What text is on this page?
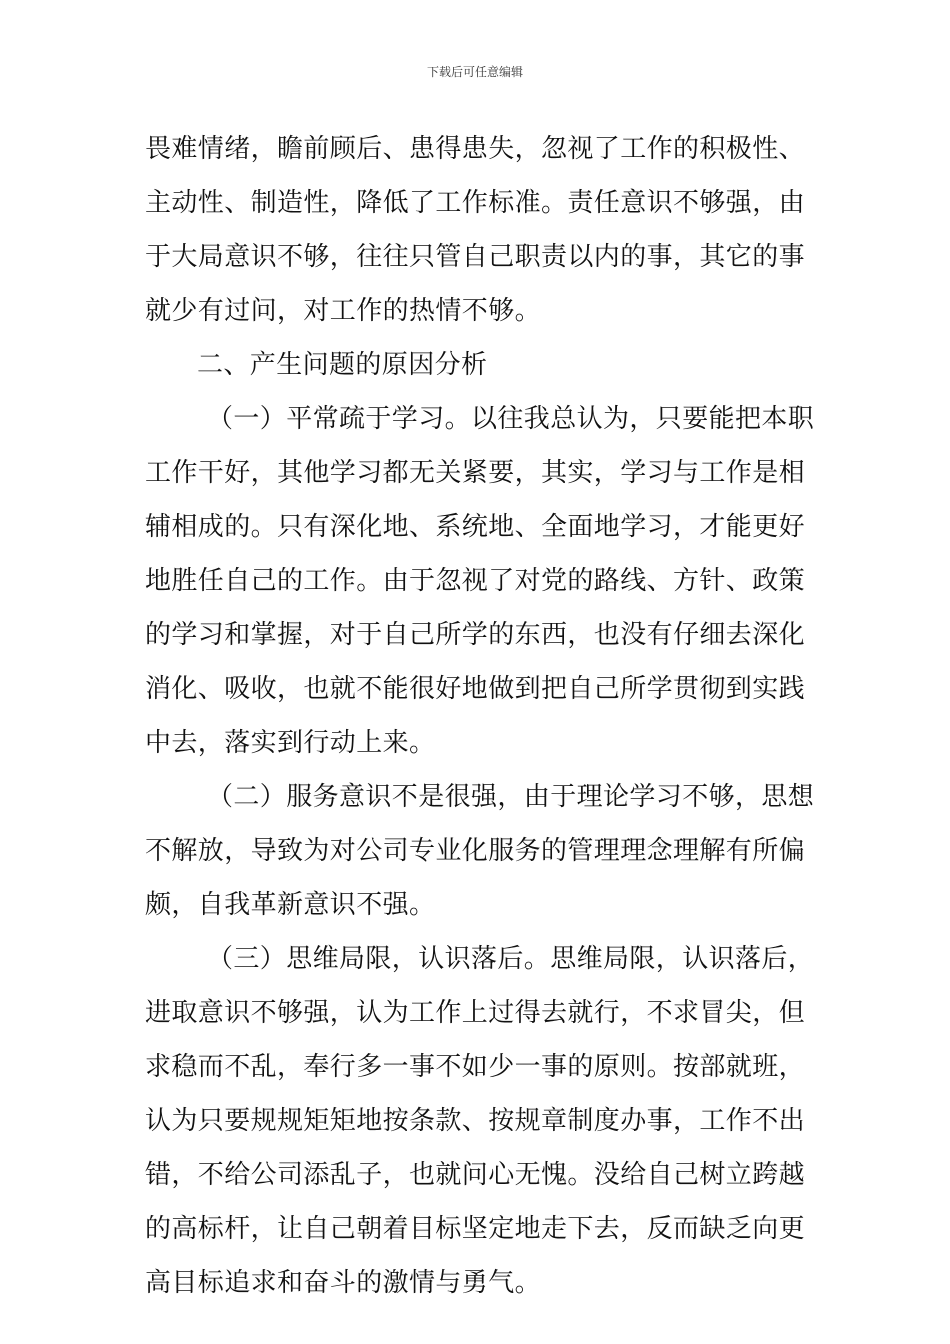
下载后可任意编辑
畏难情绪，瞻前顾后、患得患失，忽视了工作的积极性、
主动性、制造性，降低了工作标准。责任意识不够强，由
于大局意识不够，往往只管自己职责以内的事，其它的事
就少有过问，对工作的热情不够。
二、产生问题的原因分析
（一）平常疏于学习。以往我总认为，只要能把本职
工作干好，其他学习都无关紧要，其实，学习与工作是相
辅相成的。只有深化地、系统地、全面地学习，才能更好
地胜任自己的工作。由于忽视了对党的路线、方针、政策
的学习和掌握，对于自己所学的东西，也没有仔细去深化
消化、吸收，也就不能很好地做到把自己所学贯彻到实践
中去，落实到行动上来。
（二）服务意识不是很强，由于理论学习不够，思想
不解放，导致为对公司专业化服务的管理理念理解有所偏
颇，自我革新意识不强。
（三）思维局限，认识落后。思维局限，认识落后，
进取意识不够强，认为工作上过得去就行，不求冒尖，但
求稳而不乱，奉行多一事不如少一事的原则。按部就班，
认为只要规规矩矩地按条款、按规章制度办事，工作不出
错，不给公司添乱子，也就问心无愧。没给自己树立跨越
的高标杆，让自己朝着目标坚定地走下去，反而缺乏向更
高目标追求和奋斗的激情与勇气。
